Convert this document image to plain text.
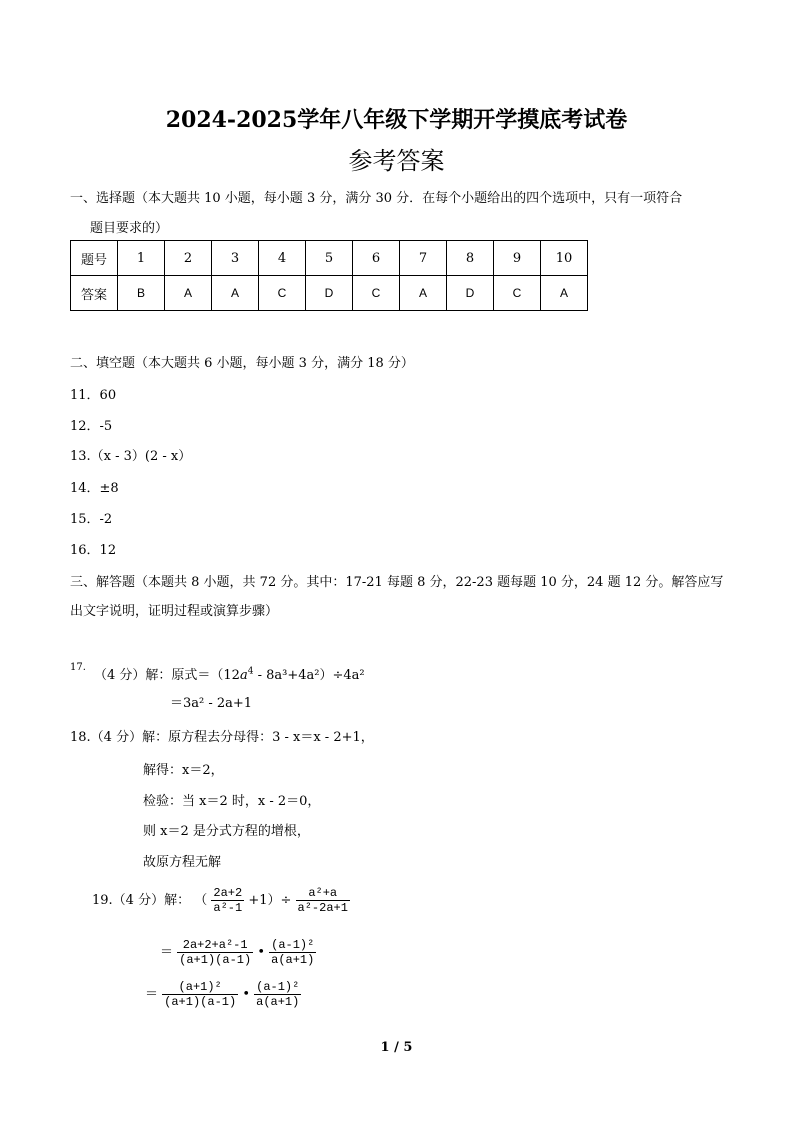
2024-2025学年八年级下学期开学摸底考试卷
参考答案
一、选择题（本大题共 10 小题，每小题 3 分，满分 30 分．在每个小题给出的四个选项中，只有一项符合
题目要求的）
题号	1	2	3	4	5	6	7	8	9	10
答案	B	A	A	C	D	C	A	D	C	A
二、填空题（本大题共 6 小题，每小题 3 分，满分 18 分）
11．60
12．-5
13.（x - 3）(2 - x）
14．±8
15．-2
16．12
三、解答题（本题共 8 小题，共 72 分。其中：17-21 每题 8 分，22-23 题每题 10 分，24 题 12 分。解答应写
出文字说明，证明过程或演算步骤）
17.
（4 分）解：原式$=(12a^4 - 8a^3+4a^2)\div 4a^2$
＝3a² - 2a+1
18.（4 分）解：原方程去分母得：3 - x＝x - 2+1，
解得：x＝2，
检验：当 x＝2 时，x - 2＝0，
则 x＝2 是分式方程的增根，
故原方程无解
19.（4 分）解： （ $\frac{2a+2}{\text{a²-1}} +1)\div \frac{\text{a²+a}}{\text{a²-2a+1}}$
＝ $\frac{\text{2a+2+a²-1}}{(a+1)(a-1)}$ • $\frac{\text{(a-1)²}}{a(a+1)}$
＝ $\frac{\text{(a+1)²}}{(a+1)(a-1)}$ • $\frac{\text{(a-1)²}}{a(a+1)}$
1 / 5
